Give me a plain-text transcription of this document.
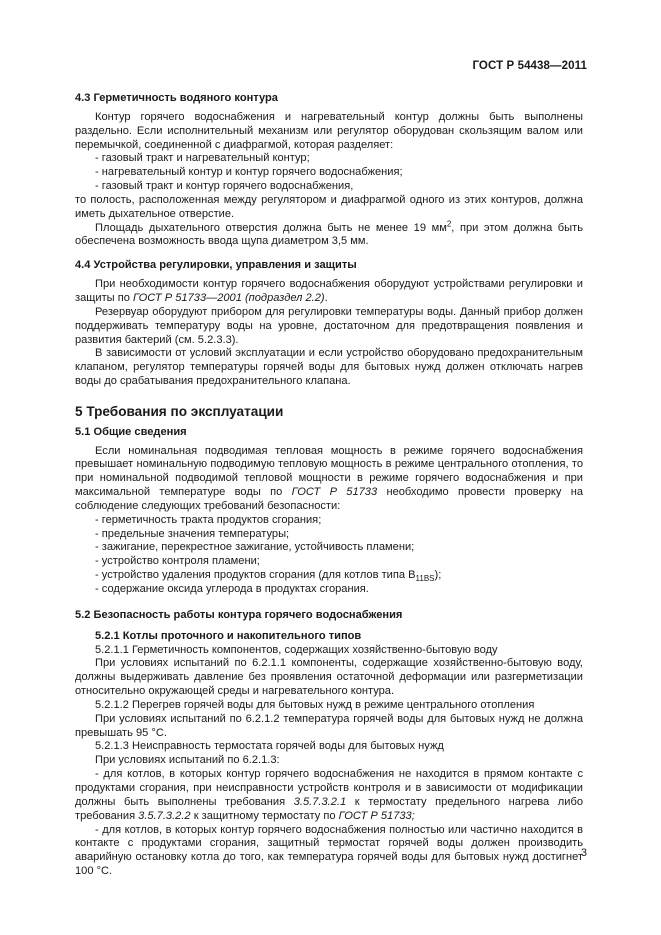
ГОСТ Р 54438—2011

4.3 Герметичность водяного контура

Контур горячего водоснабжения и нагревательный контур должны быть выполнены раздельно. Если исполнительный механизм или регулятор оборудован скользящим валом или перемычкой, соединенной с диафрагмой, которая разделяет:

- газовый тракт и нагревательный контур;

- нагревательный контур и контур горячего водоснабжения;

- газовый тракт и контур горячего водоснабжения,

то полость, расположенная между регулятором и диафрагмой одного из этих контуров, должна иметь дыхательное отверстие.

Площадь дыхательного отверстия должна быть не менее 19 $мм^2$, при этом должна быть обеспечена возможность ввода щупа диаметром 3,5 мм.

4.4 Устройства регулировки, управления и защиты

При необходимости контур горячего водоснабжения оборудуют устройствами регулировки и защиты по ГОСТ Р 51733—2001 (подраздел 2.2).

Резервуар оборудуют прибором для регулировки температуры воды. Данный прибор должен поддерживать температуру воды на уровне, достаточном для предотвращения появления и развития бактерий (см. 5.2.3.3).

В зависимости от условий эксплуатации и если устройство оборудовано предохранительным клапаном, регулятор температуры горячей воды для бытовых нужд должен отключать нагрев воды до срабатывания предохранительного клапана.

5 Требования по эксплуатации

5.1 Общие сведения

Если номинальная подводимая тепловая мощность в режиме горячего водоснабжения превышает номинальную подводимую тепловую мощность в режиме центрального отопления, то при номинальной подводимой тепловой мощности в режиме горячего водоснабжения и при максимальной температуре воды по ГОСТ Р 51733 необходимо провести проверку на соблюдение следующих требований безопасности:

- герметичность тракта продуктов сгорания;

- предельные значения температуры;

- зажигание, перекрестное зажигание, устойчивость пламени;

- устройство контроля пламени;

- устройство удаления продуктов сгорания (для котлов типа $B_{11BS}$);

- содержание оксида углерода в продуктах сгорания.

5.2 Безопасность работы контура горячего водоснабжения

5.2.1 Котлы проточного и накопительного типов

5.2.1.1 Герметичность компонентов, содержащих хозяйственно-бытовую воду

При условиях испытаний по 6.2.1.1 компоненты, содержащие хозяйственно-бытовую воду, должны выдерживать давление без проявления остаточной деформации или разгерметизации относительно окружающей среды и нагревательного контура.

5.2.1.2 Перегрев горячей воды для бытовых нужд в режиме центрального отопления

При условиях испытаний по 6.2.1.2 температура горячей воды для бытовых нужд не должна превышать 95 °C.

5.2.1.3 Неисправность термостата горячей воды для бытовых нужд

При условиях испытаний по 6.2.1.3:

- для котлов, в которых контур горячего водоснабжения не находится в прямом контакте с продуктами сгорания, при неисправности устройств контроля и в зависимости от модификации должны быть выполнены требования 3.5.7.3.2.1 к термостату предельного нагрева либо требования 3.5.7.3.2.2 к защитному термостату по ГОСТ Р 51733;

- для котлов, в которых контур горячего водоснабжения полностью или частично находится в контакте с продуктами сгорания, защитный термостат горячей воды должен производить аварийную остановку котла до того, как температура горячей воды для бытовых нужд достигнет 100 °C.

3
